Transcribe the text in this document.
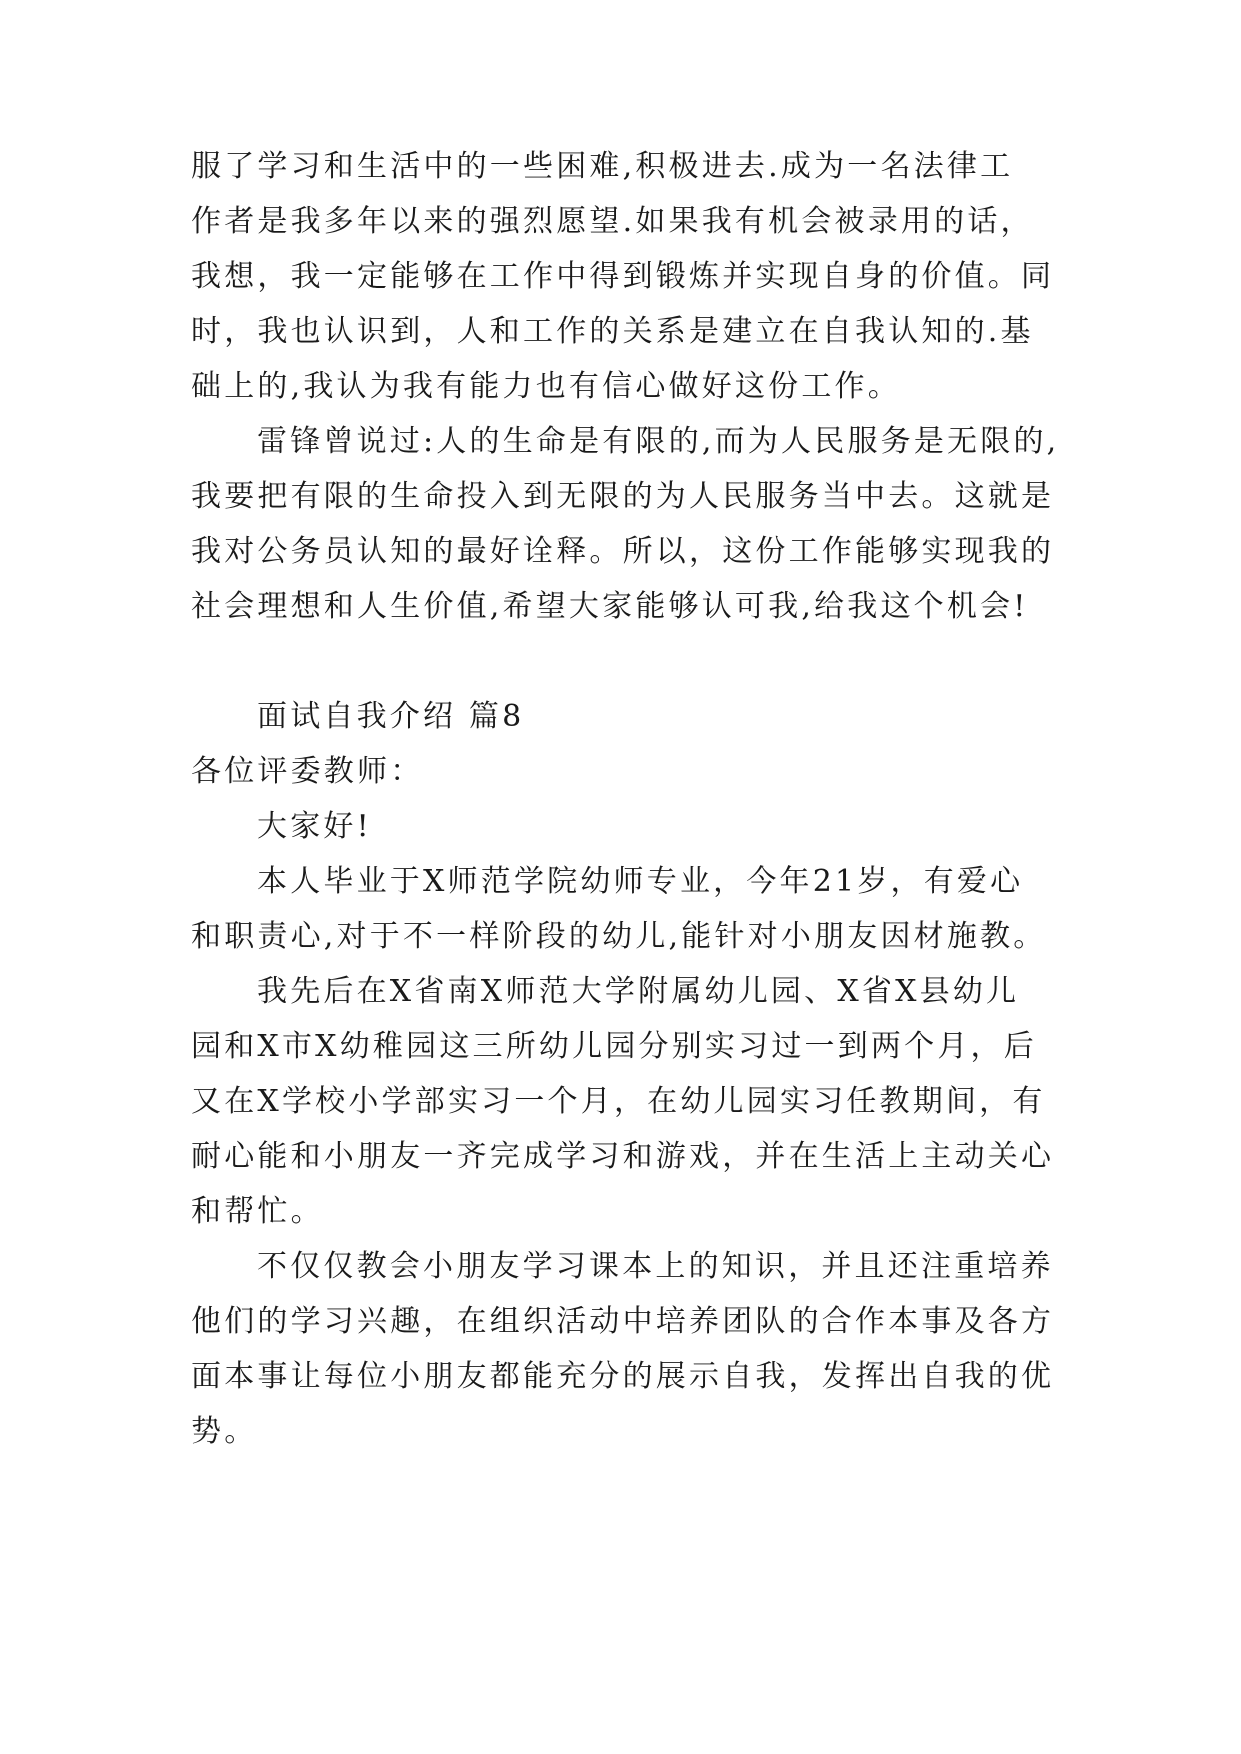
服了学习和生活中的一些困难,积极进去.成为一名法律工
作者是我多年以来的强烈愿望.如果我有机会被录用的话，
我想，我一定能够在工作中得到锻炼并实现自身的价值。同
时，我也认识到，人和工作的关系是建立在自我认知的.基
础上的,我认为我有能力也有信心做好这份工作。
雷锋曾说过:人的生命是有限的,而为人民服务是无限的,
我要把有限的生命投入到无限的为人民服务当中去。这就是
我对公务员认知的最好诠释。所以，这份工作能够实现我的
社会理想和人生价值,希望大家能够认可我,给我这个机会!
面试自我介绍 篇8
各位评委教师：
大家好!
本人毕业于X师范学院幼师专业，今年21岁，有爱心
和职责心,对于不一样阶段的幼儿,能针对小朋友因材施教。
我先后在X省南X师范大学附属幼儿园、X省X县幼儿
园和X市X幼稚园这三所幼儿园分别实习过一到两个月，后
又在X学校小学部实习一个月，在幼儿园实习任教期间，有
耐心能和小朋友一齐完成学习和游戏，并在生活上主动关心
和帮忙。
不仅仅教会小朋友学习课本上的知识，并且还注重培养
他们的学习兴趣，在组织活动中培养团队的合作本事及各方
面本事让每位小朋友都能充分的展示自我，发挥出自我的优
势。
